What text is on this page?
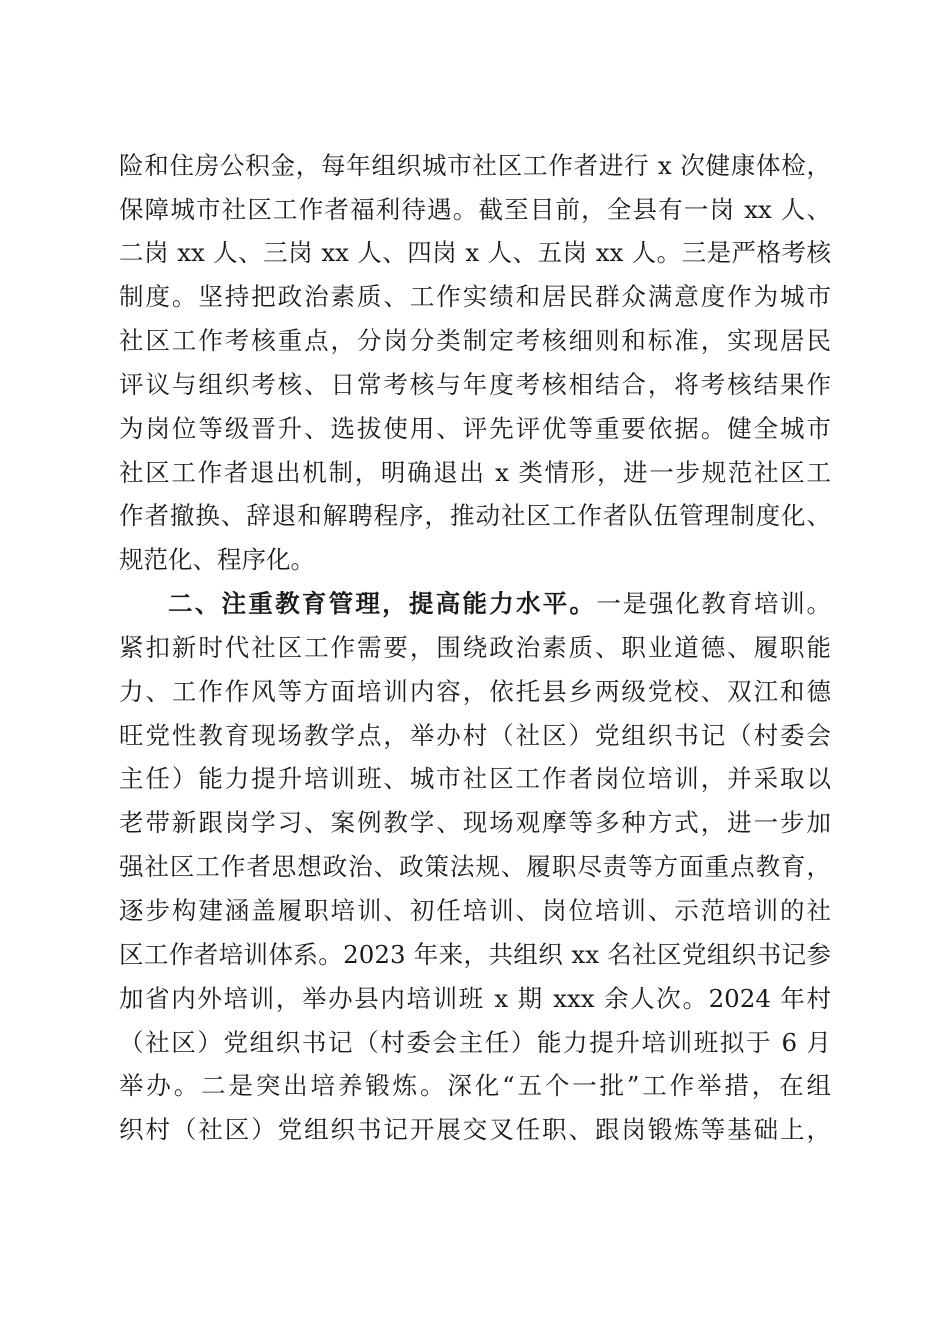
险和住房公积金，每年组织城市社区工作者进行 x 次健康体检，
保障城市社区工作者福利待遇。截至目前，全县有一岗 xx 人、
二岗 xx 人、三岗 xx 人、四岗 x 人、五岗 xx 人。三是严格考核
制度。坚持把政治素质、工作实绩和居民群众满意度作为城市
社区工作考核重点，分岗分类制定考核细则和标准，实现居民
评议与组织考核、日常考核与年度考核相结合，将考核结果作
为岗位等级晋升、选拔使用、评先评优等重要依据。健全城市
社区工作者退出机制，明确退出 x 类情形，进一步规范社区工
作者撤换、辞退和解聘程序，推动社区工作者队伍管理制度化、
规范化、程序化。
二、注重教育管理，提高能力水平。一是强化教育培训。
紧扣新时代社区工作需要，围绕政治素质、职业道德、履职能
力、工作作风等方面培训内容，依托县乡两级党校、双江和德
旺党性教育现场教学点，举办村（社区）党组织书记（村委会
主任）能力提升培训班、城市社区工作者岗位培训，并采取以
老带新跟岗学习、案例教学、现场观摩等多种方式，进一步加
强社区工作者思想政治、政策法规、履职尽责等方面重点教育，
逐步构建涵盖履职培训、初任培训、岗位培训、示范培训的社
区工作者培训体系。2023 年来，共组织 xx 名社区党组织书记参
加省内外培训，举办县内培训班 x 期 xxx 余人次。2024 年村
（社区）党组织书记（村委会主任）能力提升培训班拟于 6 月
举办。二是突出培养锻炼。深化“五个一批”工作举措，在组
织村（社区）党组织书记开展交叉任职、跟岗锻炼等基础上，
